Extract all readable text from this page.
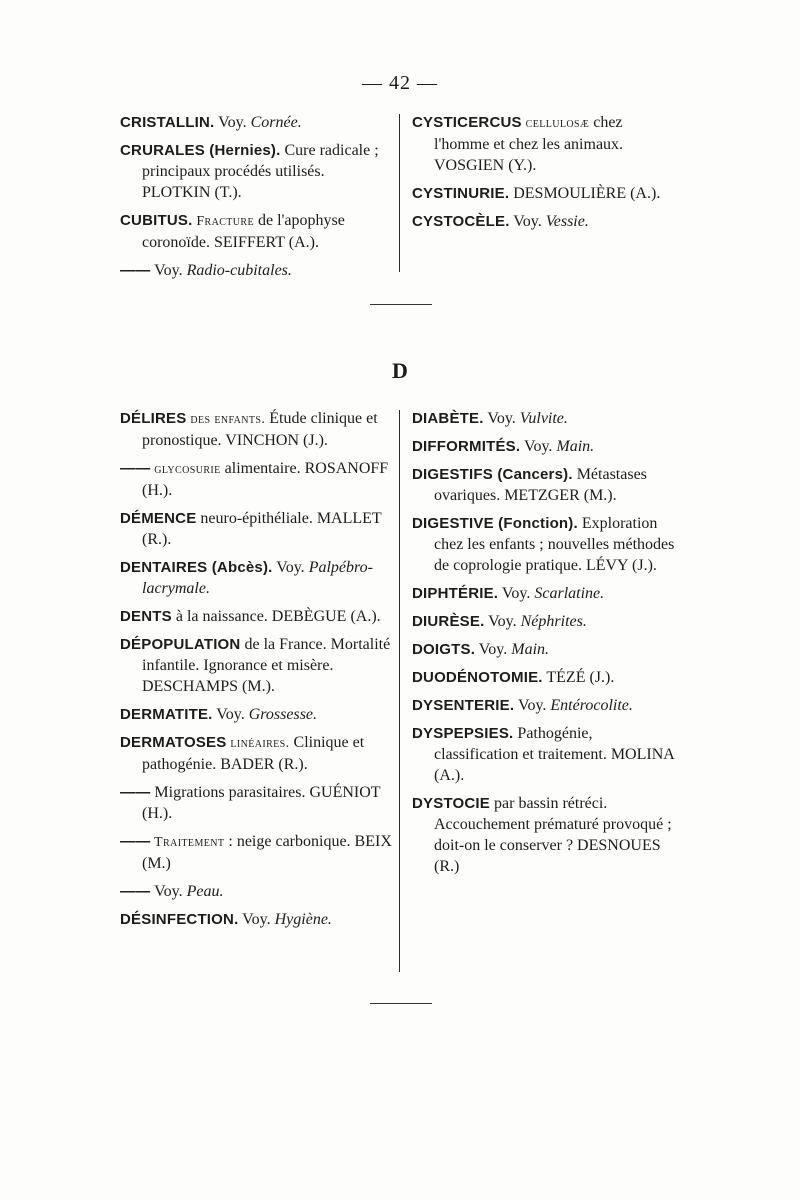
— 42 —

CRISTALLIN. Voy. Cornée.

CRURALES (Hernies). Cure radicale ; principaux procédés utilisés. PLOTKIN (T.).

CUBITUS. Fracture de l'apophyse coronoïde. SEIFFERT (A.).

—— Voy. Radio-cubitales.

CYSTICERCUS cellulosæ chez l'homme et chez les animaux. VOSGIEN (Y.).

CYSTINURIE. DESMOULIÈRE (A.).

CYSTOCÈLE. Voy. Vessie.

D

DÉLIRES des enfants. Étude clinique et pronostique. VINCHON (J.).

—— glycosurie alimentaire. ROSANOFF (H.).

DÉMENCE neuro-épithéliale. MALLET (R.).

DENTAIRES (Abcès). Voy. Palpébro-lacrymale.

DENTS à la naissance. DEBÈGUE (A.).

DÉPOPULATION de la France. Mortalité infantile. Ignorance et misère. DESCHAMPS (M.).

DERMATITE. Voy. Grossesse.

DERMATOSES linéaires. Clinique et pathogénie. BADER (R.).

—— Migrations parasitaires. GUÉNIOT (H.).

—— Traitement : neige carbonique. BEIX (M.)

—— Voy. Peau.

DÉSINFECTION. Voy. Hygiène.

DIABÈTE. Voy. Vulvite.

DIFFORMITÉS. Voy. Main.

DIGESTIFS (Cancers). Métastases ovariques. METZGER (M.).

DIGESTIVE (Fonction). Exploration chez les enfants ; nouvelles méthodes de coprologie pratique. LÉVY (J.).

DIPHTÉRIE. Voy. Scarlatine.

DIURÈSE. Voy. Néphrites.

DOIGTS. Voy. Main.

DUODÉNOTOMIE. TÉZÉ (J.).

DYSENTERIE. Voy. Entérocolite.

DYSPEPSIES. Pathogénie, classification et traitement. MOLINA (A.).

DYSTOCIE par bassin rétréci. Accouchement prématuré provoqué ; doit-on le conserver ? DESNOUES (R.)
